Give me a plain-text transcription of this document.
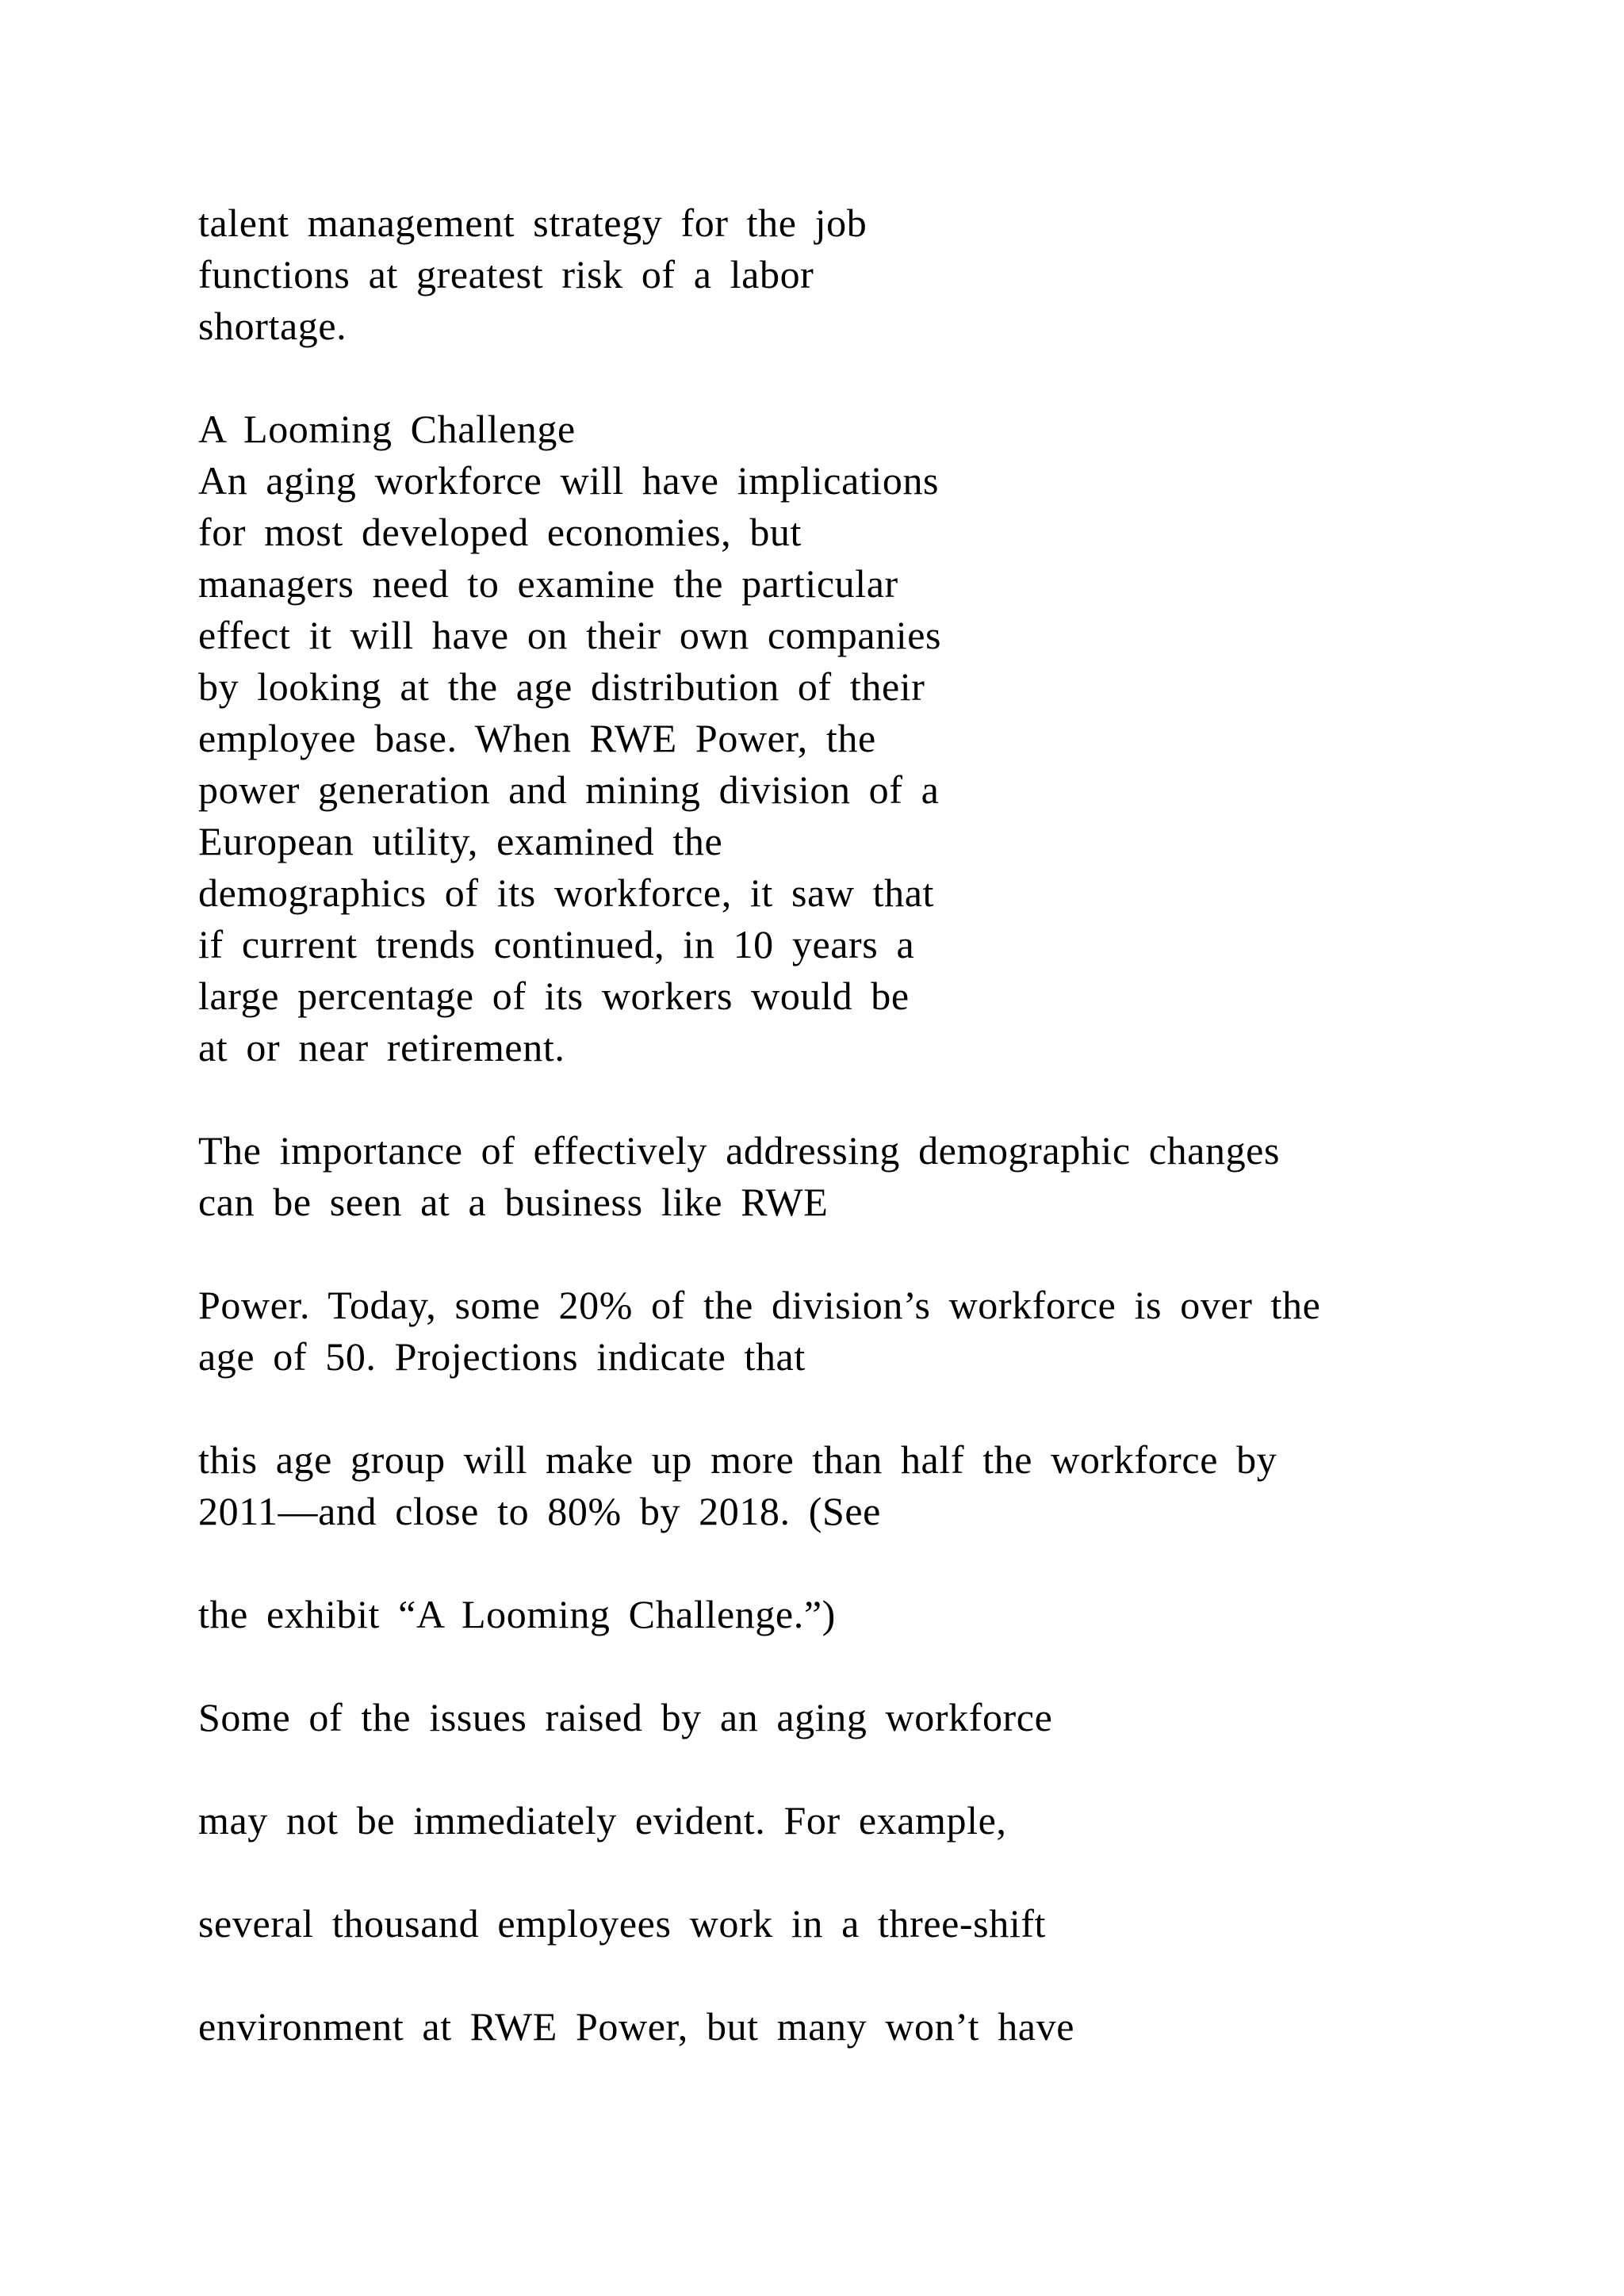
talent management strategy for the job

functions at greatest risk of a labor

shortage.

A Looming Challenge

An aging workforce will have implications

for most developed economies, but

managers need to examine the particular

effect it will have on their own companies

by looking at the age distribution of their

employee base. When RWE Power, the

power generation and mining division of a

European utility, examined the

demographics of its workforce, it saw that

if current trends continued, in 10 years a

large percentage of its workers would be

at or near retirement.

The importance of effectively addressing demographic changes

can be seen at a business like RWE

Power. Today, some 20% of the division’s workforce is over the

age of 50. Projections indicate that

this age group will make up more than half the workforce by

2011—and close to 80% by 2018. (See

the exhibit “A Looming Challenge.”)

Some of the issues raised by an aging workforce

may not be immediately evident. For example,

several thousand employees work in a three-shift

environment at RWE Power, but many won’t have
